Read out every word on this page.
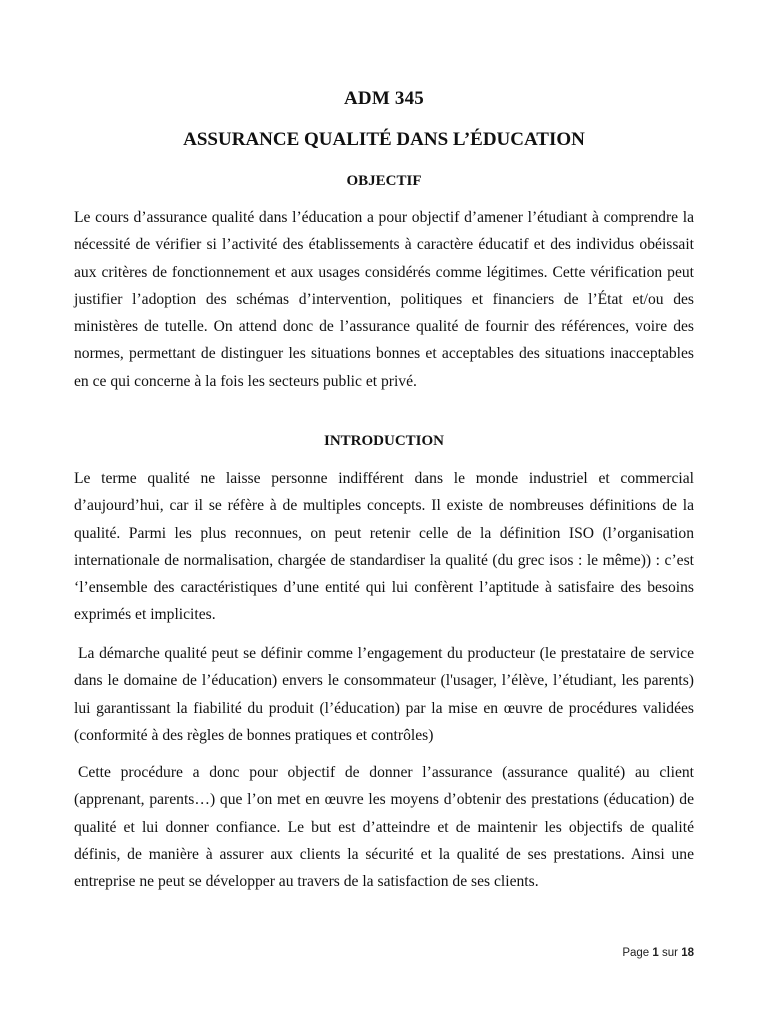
ADM 345
ASSURANCE QUALITÉ DANS L’ÉDUCATION
OBJECTIF

Le cours d’assurance qualité dans l’éducation a pour objectif d’amener l’étudiant à comprendre la nécessité de vérifier si l’activité des établissements à caractère éducatif et des individus obéissait aux critères de fonctionnement et aux usages considérés comme légitimes. Cette vérification peut justifier l’adoption des schémas d’intervention, politiques et financiers de l’État et/ou des ministères de tutelle. On attend donc de l’assurance qualité de fournir des références, voire des normes, permettant de distinguer les situations bonnes et acceptables des situations inacceptables en ce qui concerne à la fois les secteurs public et privé.

INTRODUCTION

Le terme qualité ne laisse personne indifférent dans le monde industriel et commercial d’aujourd’hui, car il se réfère à de multiples concepts. Il existe de nombreuses définitions de la qualité. Parmi les plus reconnues, on peut retenir celle de la définition ISO (l’organisation internationale de normalisation, chargée de standardiser la qualité (du grec isos : le même)) : c’est ‘l’ensemble des caractéristiques d’une entité qui lui confèrent l’aptitude à satisfaire des besoins exprimés et implicites.

La démarche qualité peut se définir comme l’engagement du producteur (le prestataire de service dans le domaine de l’éducation) envers le consommateur (l'usager, l’élève, l’étudiant, les parents) lui garantissant la fiabilité du produit (l’éducation) par la mise en œuvre de procédures validées (conformité à des règles de bonnes pratiques et contrôles)

Cette procédure a donc pour objectif de donner l’assurance (assurance qualité) au client (apprenant, parents…) que l’on met en œuvre les moyens d’obtenir des prestations (éducation) de qualité et lui donner confiance. Le but est d’atteindre et de maintenir les objectifs de qualité définis, de manière à assurer aux clients la sécurité et la qualité de ses prestations. Ainsi une entreprise ne peut se développer au travers de la satisfaction de ses clients.

Page 1 sur 18
